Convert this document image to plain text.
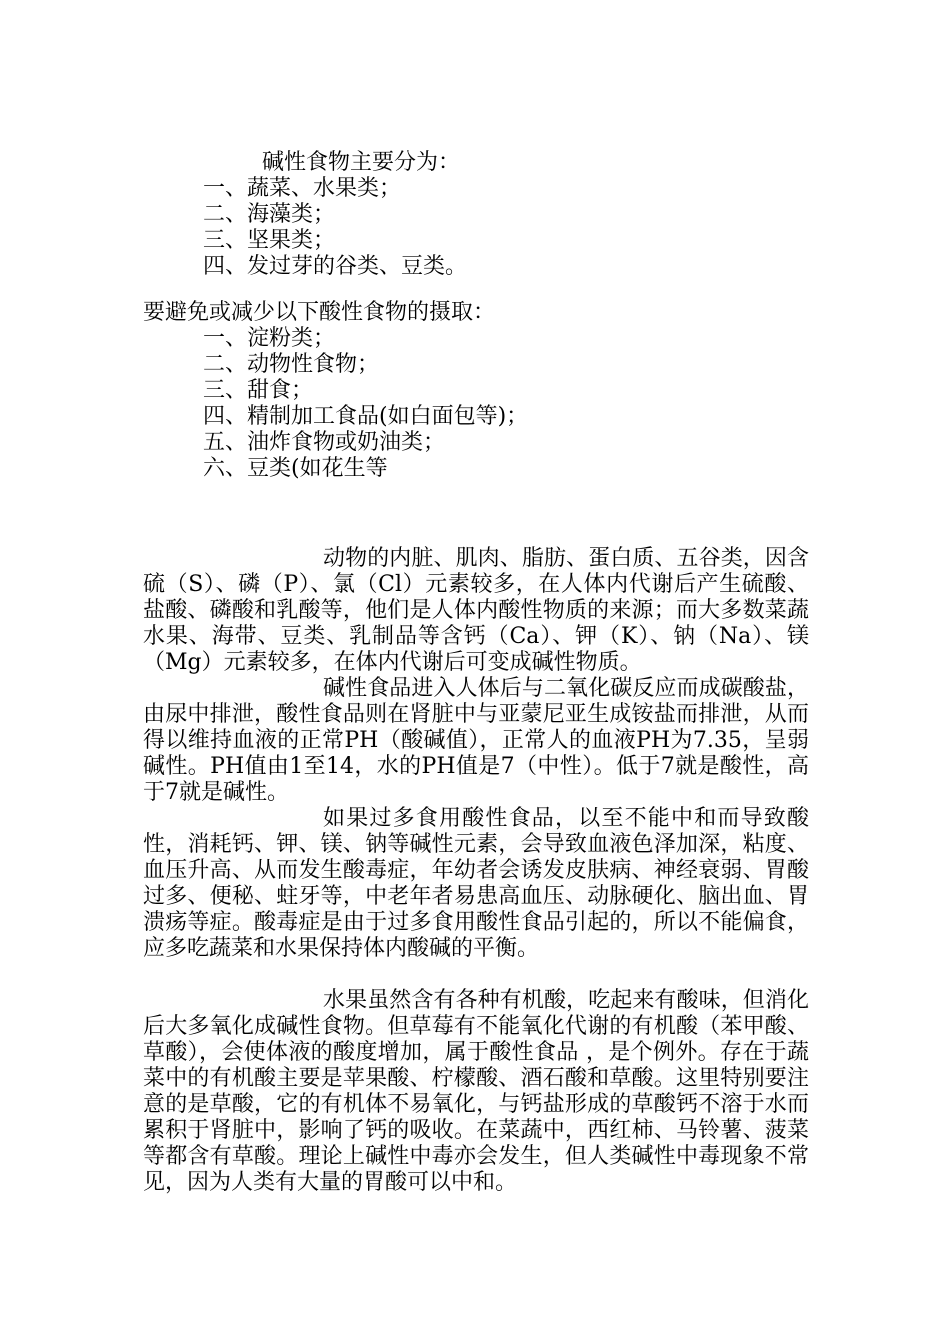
碱性食物主要分为：
一、蔬菜、水果类；
二、海藻类；
三、坚果类；
四、发过芽的谷类、豆类。
要避免或减少以下酸性食物的摄取：
一、淀粉类；
二、动物性食物；
三、甜食；
四、精制加工食品(如白面包等)；
五、油炸食物或奶油类；
六、豆类(如花生等

动物的内脏、肌肉、脂肪、蛋白质、五谷类，因含硫（S）、磷（P）、氯（Cl）元素较多，在人体内代谢后产生硫酸、盐酸、磷酸和乳酸等，他们是人体内酸性物质的来源；而大多数菜蔬水果、海带、豆类、乳制品等含钙（Ca）、钾（K）、钠（Na）、镁（Mg）元素较多，在体内代谢后可变成碱性物质。

碱性食品进入人体后与二氧化碳反应而成碳酸盐，由尿中排泄，酸性食品则在肾脏中与亚蒙尼亚生成铵盐而排泄，从而得以维持血液的正常PH（酸碱值），正常人的血液PH为7.35，呈弱碱性。PH值由1至14，水的PH值是7（中性）。低于7就是酸性，高于7就是碱性。

如果过多食用酸性食品，以至不能中和而导致酸性，消耗钙、钾、镁、钠等碱性元素，会导致血液色泽加深，粘度、血压升高、从而发生酸毒症，年幼者会诱发皮肤病、神经衰弱、胃酸过多、便秘、蛀牙等，中老年者易患高血压、动脉硬化、脑出血、胃溃疡等症。酸毒症是由于过多食用酸性食品引起的，所以不能偏食，应多吃蔬菜和水果保持体内酸碱的平衡。

水果虽然含有各种有机酸，吃起来有酸味，但消化后大多氧化成碱性食物。但草莓有不能氧化代谢的有机酸（苯甲酸、草酸），会使体液的酸度增加，属于酸性食品 ，是个例外。存在于蔬菜中的有机酸主要是苹果酸、柠檬酸、酒石酸和草酸。这里特别要注意的是草酸，它的有机体不易氧化，与钙盐形成的草酸钙不溶于水而累积于肾脏中，影响了钙的吸收。在菜蔬中，西红柿、马铃薯、菠菜等都含有草酸。理论上碱性中毒亦会发生，但人类碱性中毒现象不常见，因为人类有大量的胃酸可以中和。
